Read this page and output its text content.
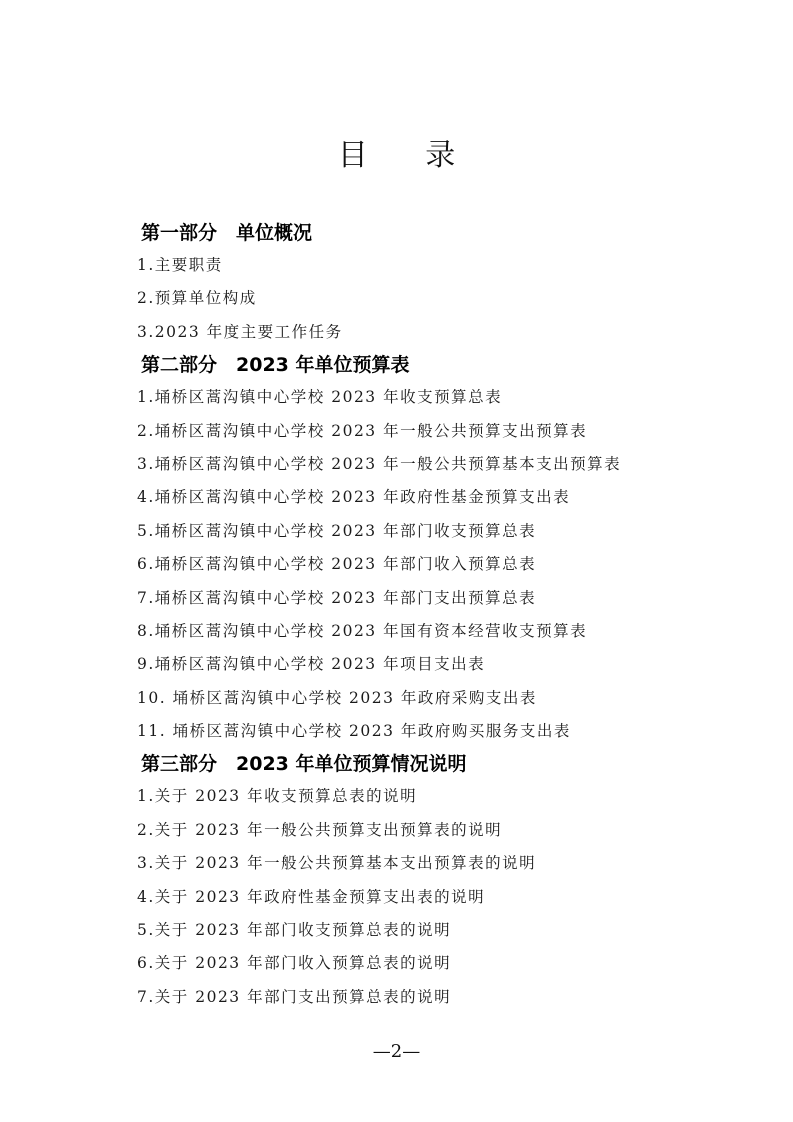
目 录
第一部分　单位概况
1.主要职责
2.预算单位构成
3.2023 年度主要工作任务
第二部分　2023 年单位预算表
1.埇桥区蒿沟镇中心学校 2023 年收支预算总表
2.埇桥区蒿沟镇中心学校 2023 年一般公共预算支出预算表
3.埇桥区蒿沟镇中心学校 2023 年一般公共预算基本支出预算表
4.埇桥区蒿沟镇中心学校 2023 年政府性基金预算支出表
5.埇桥区蒿沟镇中心学校 2023 年部门收支预算总表
6.埇桥区蒿沟镇中心学校 2023 年部门收入预算总表
7.埇桥区蒿沟镇中心学校 2023 年部门支出预算总表
8.埇桥区蒿沟镇中心学校 2023 年国有资本经营收支预算表
9.埇桥区蒿沟镇中心学校 2023 年项目支出表
10. 埇桥区蒿沟镇中心学校 2023 年政府采购支出表
11. 埇桥区蒿沟镇中心学校 2023 年政府购买服务支出表
第三部分　2023 年单位预算情况说明
1.关于 2023 年收支预算总表的说明
2.关于 2023 年一般公共预算支出预算表的说明
3.关于 2023 年一般公共预算基本支出预算表的说明
4.关于 2023 年政府性基金预算支出表的说明
5.关于 2023 年部门收支预算总表的说明
6.关于 2023 年部门收入预算总表的说明
7.关于 2023 年部门支出预算总表的说明
—2—
